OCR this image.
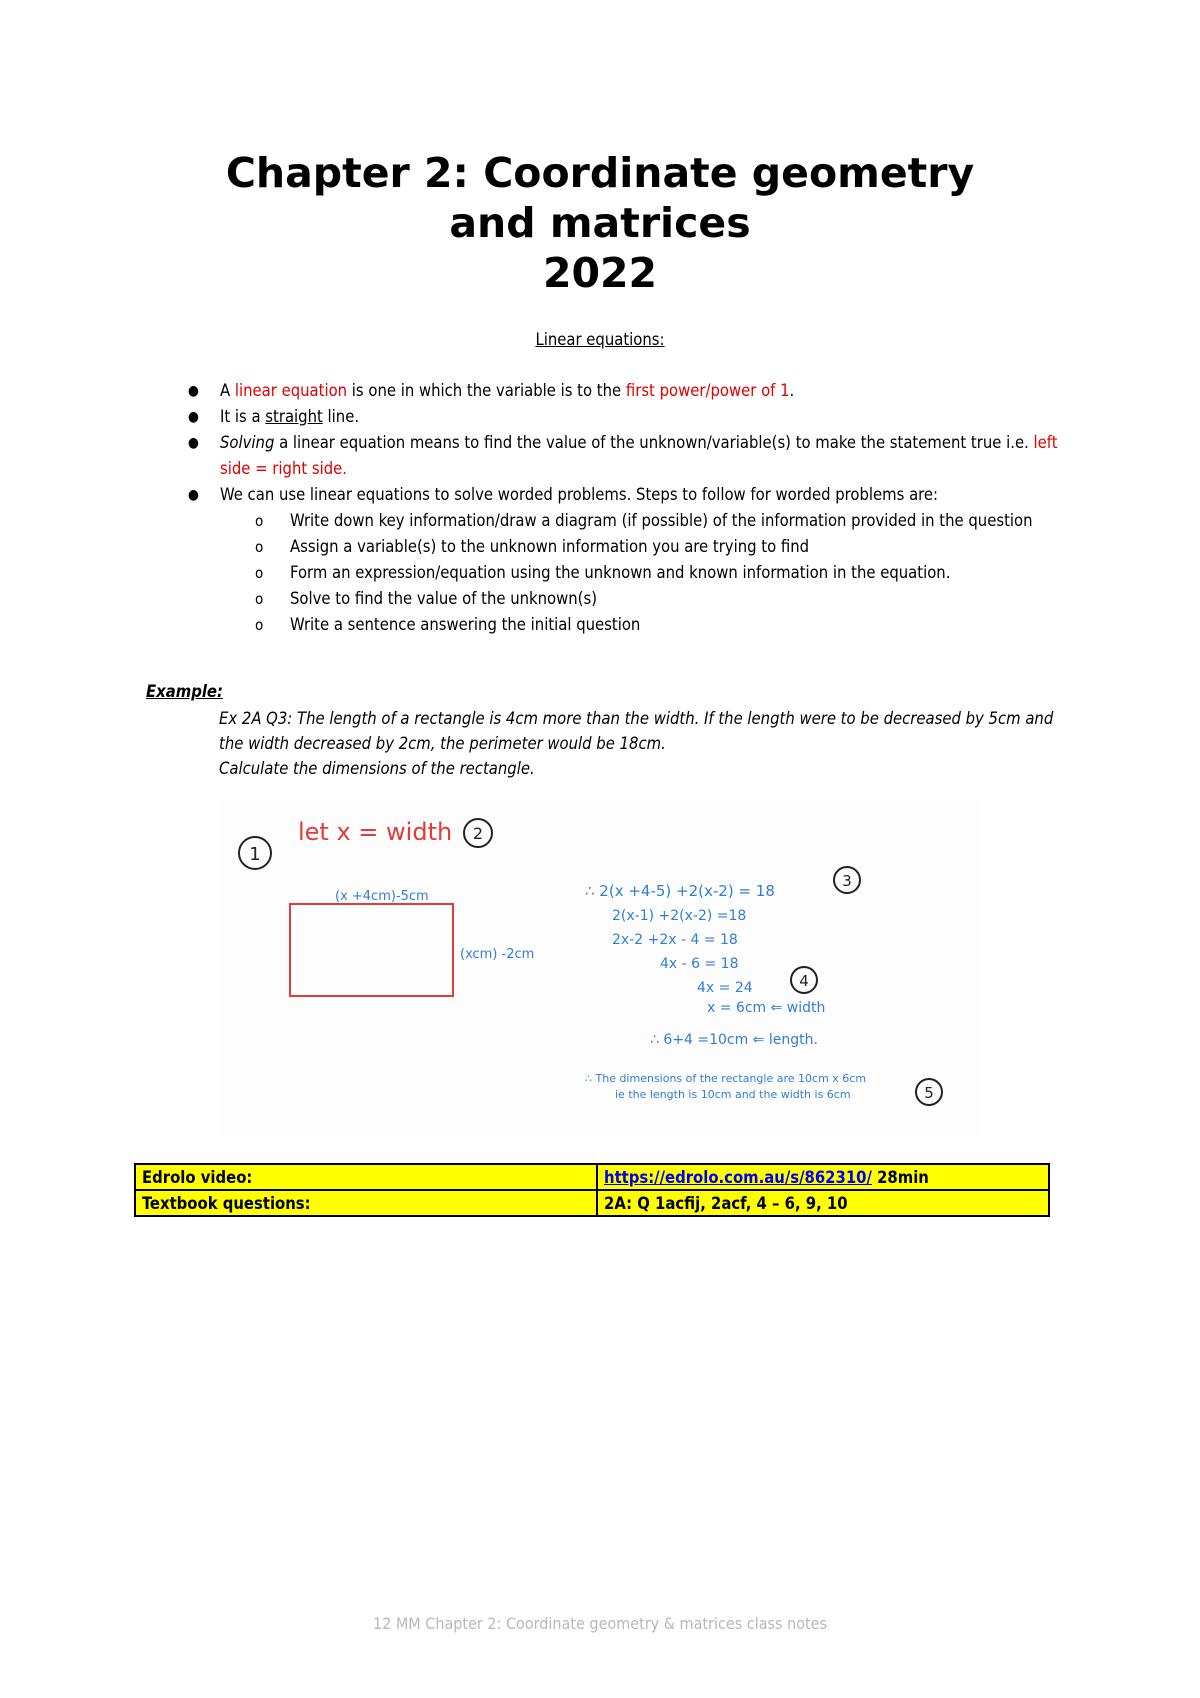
Chapter 2: Coordinate geometry
and matrices
2022
Linear equations:
● A linear equation is one in which the variable is to the first power/power of 1.
● It is a straight line.
● Solving a linear equation means to find the value of the unknown/variable(s) to make the statement true i.e. left side = right side.
● We can use linear equations to solve worded problems. Steps to follow for worded problems are:
o Write down key information/draw a diagram (if possible) of the information provided in the question
o Assign a variable(s) to the unknown information you are trying to find
o Form an expression/equation using the unknown and known information in the equation.
o Solve to find the value of the unknown(s)
o Write a sentence answering the initial question
Example:
Ex 2A Q3: The length of a rectangle is 4cm more than the width. If the length were to be decreased by 5cm and the width decreased by 2cm, the perimeter would be 18cm.
Calculate the dimensions of the rectangle.
1
let x = width 2
(x +4cm)-5cm
(xcm) -2cm
∴ 2(x +4-5) +2(x-2) = 18
2(x-1) +2(x-2) =18
2x-2 +2x - 4 = 18
4x - 6 = 18
4x = 24
x = 6cm ⇐ width
∴ 6+4 =10cm ⇐ length.
∴ The dimensions of the rectangle are 10cm x 6cm
ie the length is 10cm and the width is 6cm
3
4
5
Edrolo video:	https://edrolo.com.au/s/862310/ 28min
Textbook questions:	2A: Q 1acfij, 2acf, 4 – 6, 9, 10
12 MM Chapter 2: Coordinate geometry & matrices class notes
